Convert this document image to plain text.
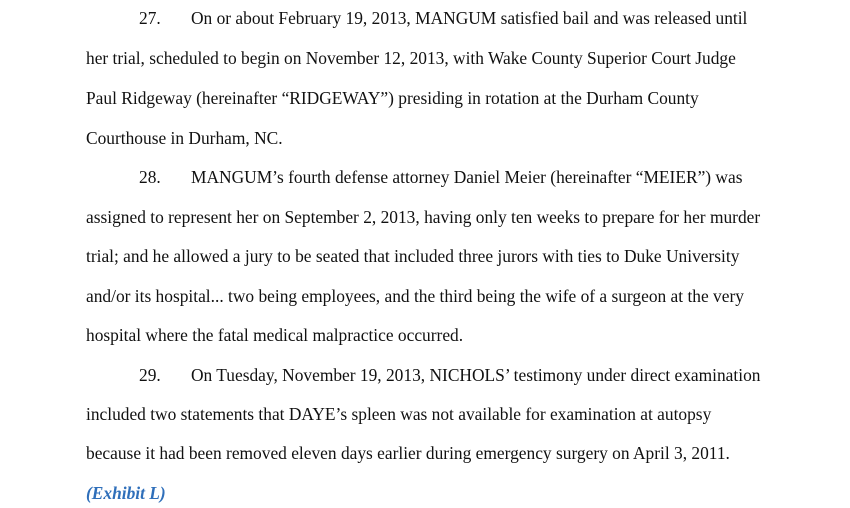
27. On or about February 19, 2013, MANGUM satisfied bail and was released until
her trial, scheduled to begin on November 12, 2013, with Wake County Superior Court Judge
Paul Ridgeway (hereinafter “RIDGEWAY”) presiding in rotation at the Durham County
Courthouse in Durham, NC.
28. MANGUM’s fourth defense attorney Daniel Meier (hereinafter “MEIER”) was
assigned to represent her on September 2, 2013, having only ten weeks to prepare for her murder
trial; and he allowed a jury to be seated that included three jurors with ties to Duke University
and/or its hospital... two being employees, and the third being the wife of a surgeon at the very
hospital where the fatal medical malpractice occurred.
29. On Tuesday, November 19, 2013, NICHOLS’ testimony under direct examination
included two statements that DAYE’s spleen was not available for examination at autopsy
because it had been removed eleven days earlier during emergency surgery on April 3, 2011.
(Exhibit L)
